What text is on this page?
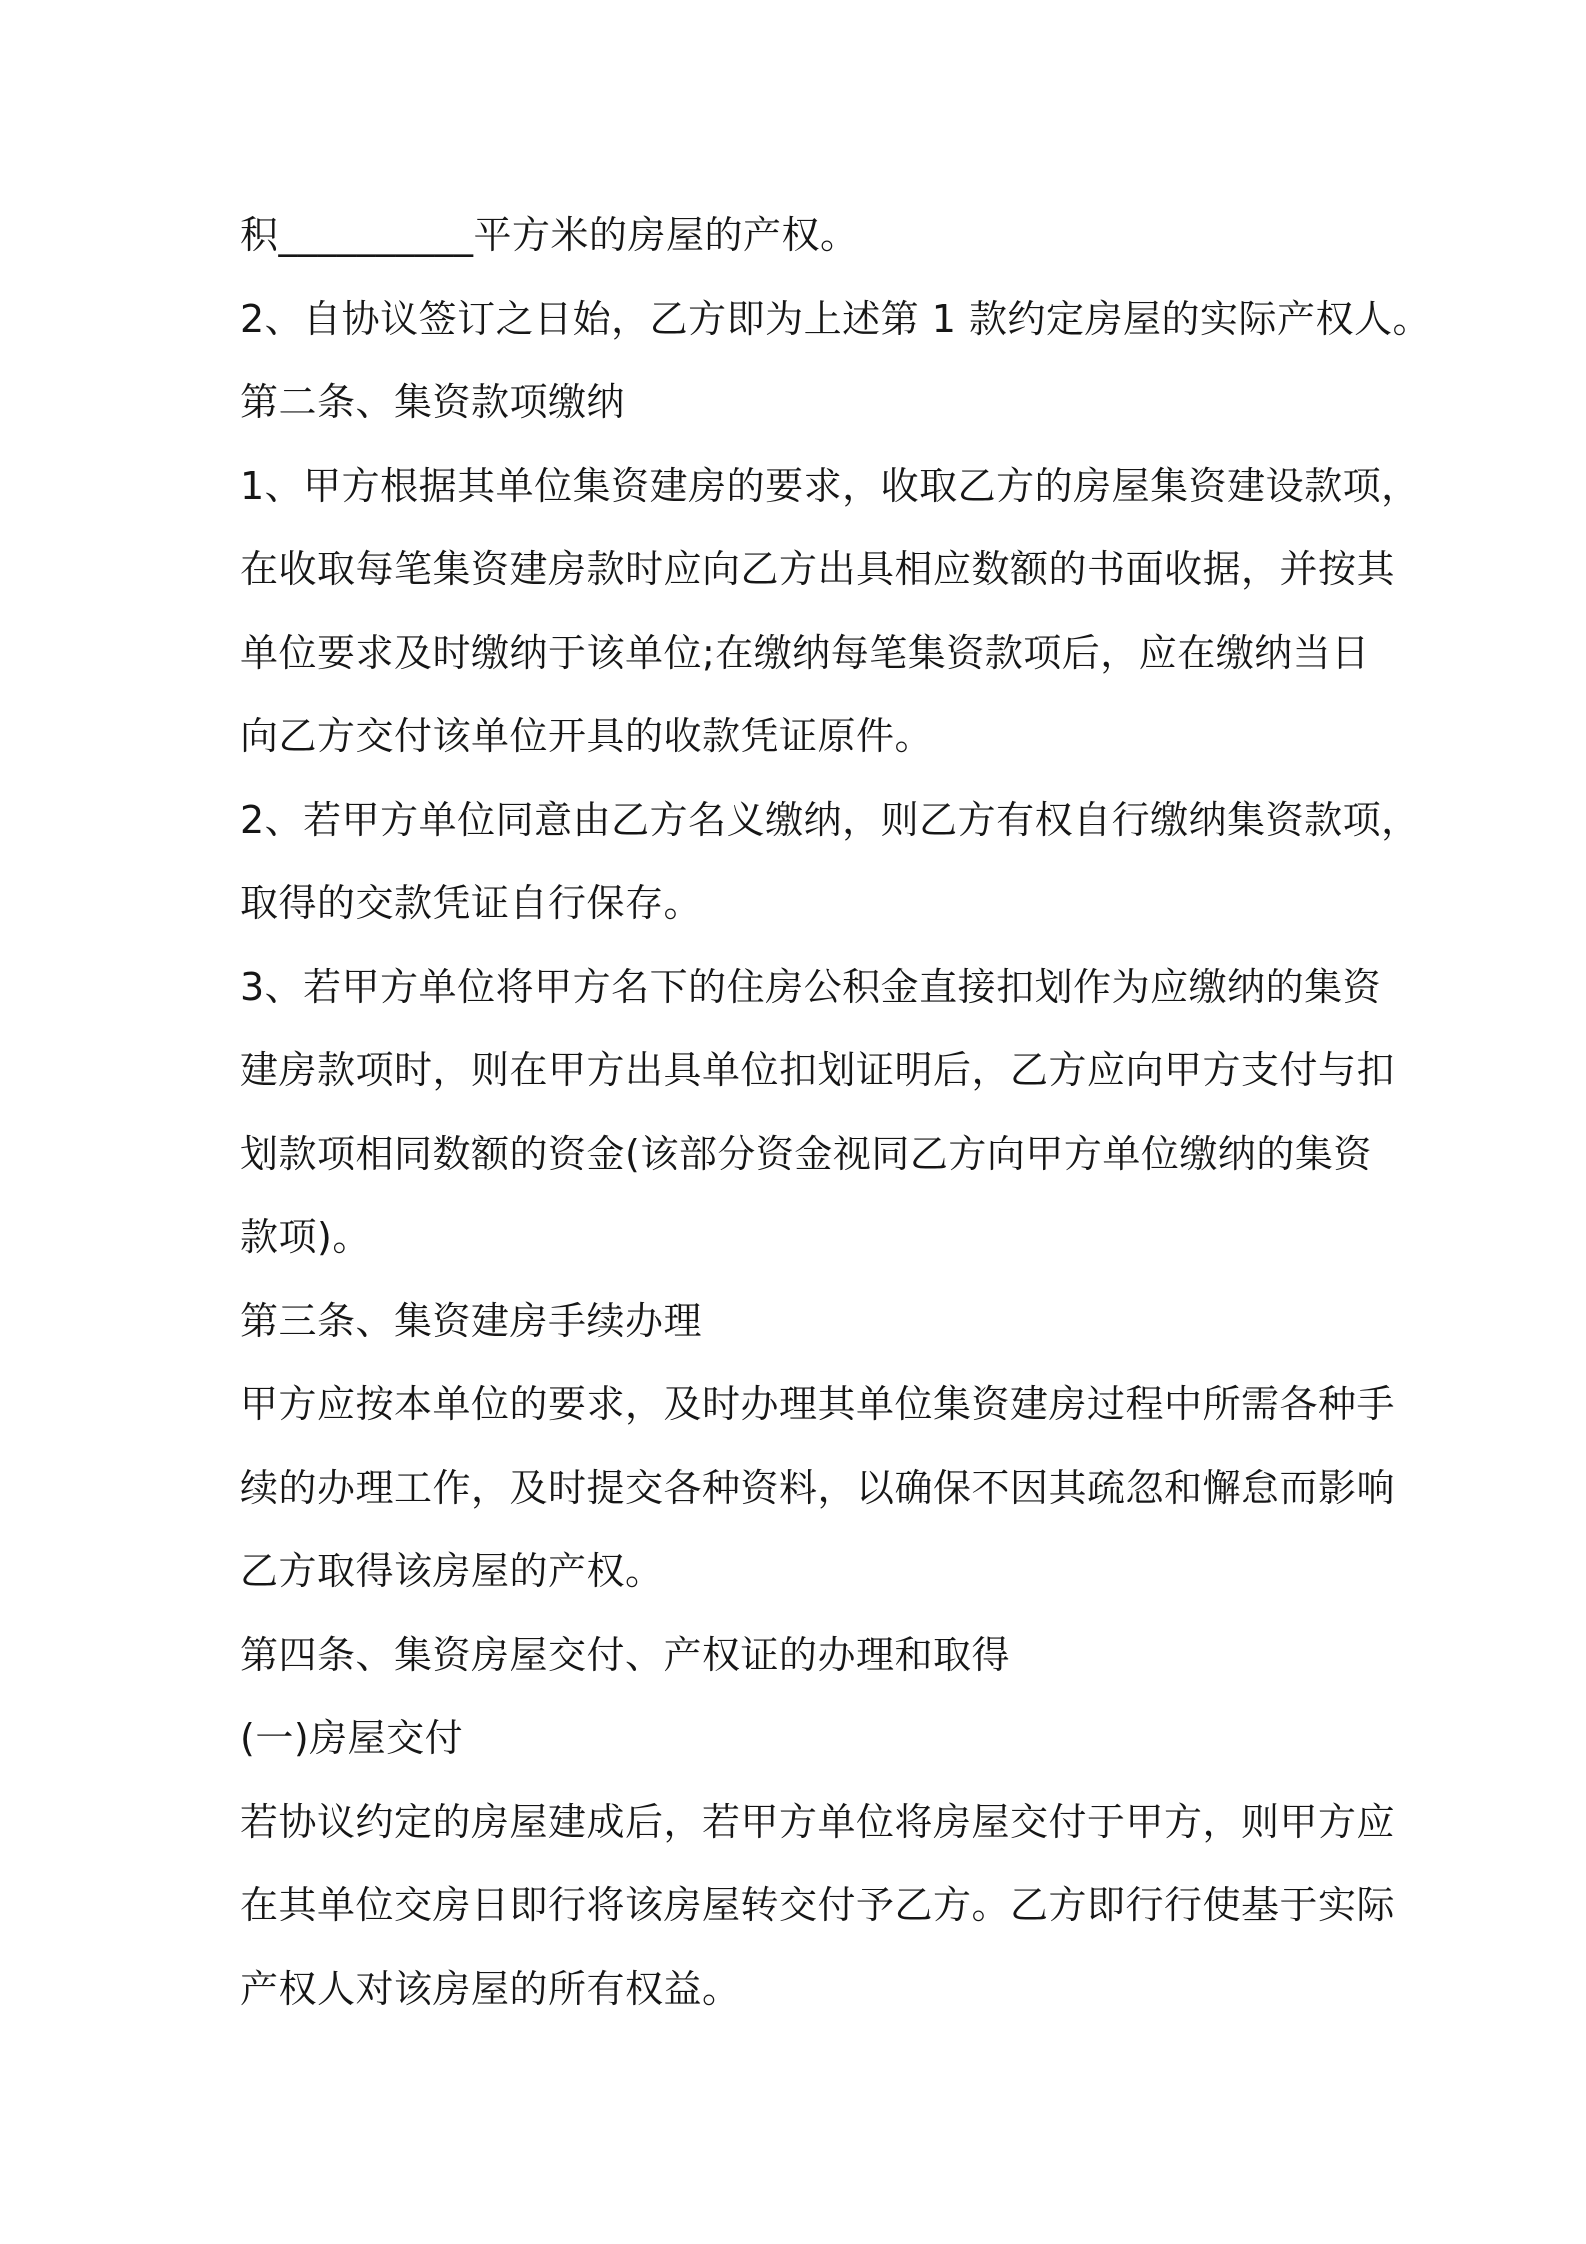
积__________平方米的房屋的产权。
2、自协议签订之日始，乙方即为上述第 1 款约定房屋的实际产权人。
第二条、集资款项缴纳
1、甲方根据其单位集资建房的要求，收取乙方的房屋集资建设款项，
在收取每笔集资建房款时应向乙方出具相应数额的书面收据，并按其
单位要求及时缴纳于该单位;在缴纳每笔集资款项后，应在缴纳当日
向乙方交付该单位开具的收款凭证原件。
2、若甲方单位同意由乙方名义缴纳，则乙方有权自行缴纳集资款项，
取得的交款凭证自行保存。
3、若甲方单位将甲方名下的住房公积金直接扣划作为应缴纳的集资
建房款项时，则在甲方出具单位扣划证明后，乙方应向甲方支付与扣
划款项相同数额的资金(该部分资金视同乙方向甲方单位缴纳的集资
款项)。
第三条、集资建房手续办理
甲方应按本单位的要求，及时办理其单位集资建房过程中所需各种手
续的办理工作，及时提交各种资料，以确保不因其疏忽和懈怠而影响
乙方取得该房屋的产权。
第四条、集资房屋交付、产权证的办理和取得
(一)房屋交付
若协议约定的房屋建成后，若甲方单位将房屋交付于甲方，则甲方应
在其单位交房日即行将该房屋转交付予乙方。乙方即行行使基于实际
产权人对该房屋的所有权益。
